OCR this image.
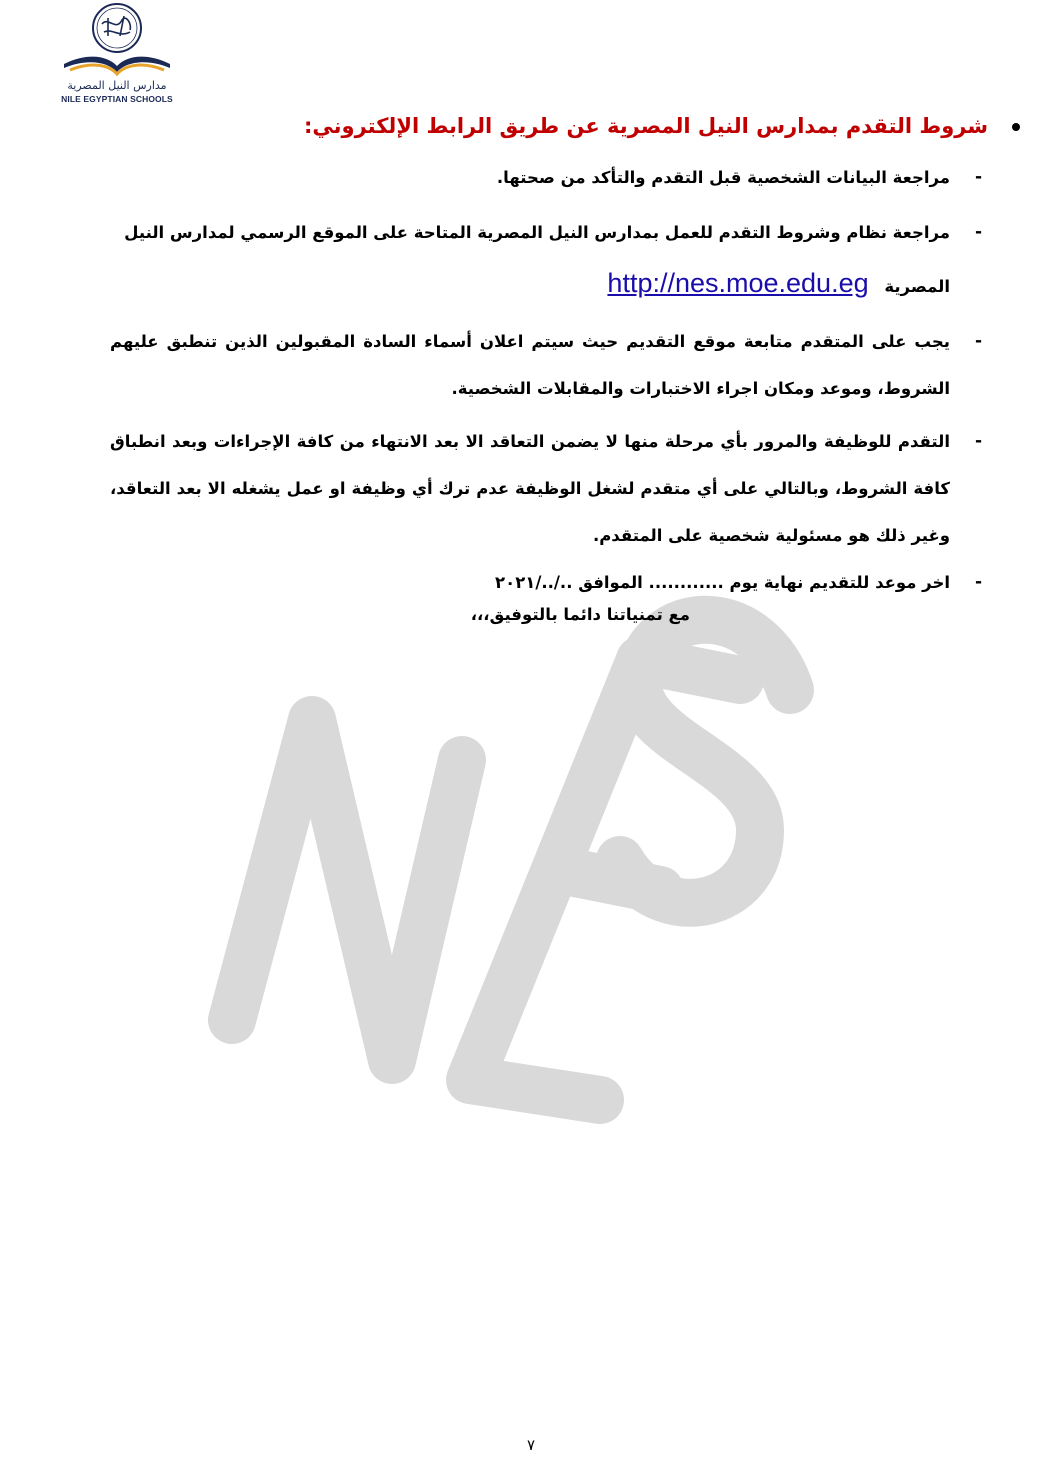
مدارس النيل المصرية
NILE EGYPTIAN SCHOOLS
شروط التقدم بمدارس النيل المصرية عن طريق الرابط الإلكتروني:
-
مراجعة البيانات الشخصية قبل التقدم والتأكد من صحتها.
-
مراجعة نظام وشروط التقدم للعمل بمدارس النيل المصرية المتاحة على الموقع الرسمي لمدارس النيل
المصرية http://nes.moe.edu.eg
-
يجب على المتقدم متابعة موقع التقديم حيث سيتم اعلان أسماء السادة المقبولين الذين تنطبق عليهم الشروط، وموعد ومكان اجراء الاختبارات والمقابلات الشخصية.
-
التقدم للوظيفة والمرور بأي مرحلة منها لا يضمن التعاقد الا بعد الانتهاء من كافة الإجراءات وبعد انطباق كافة الشروط، وبالتالي على أي متقدم لشغل الوظيفة عدم ترك أي وظيفة او عمل يشغله الا بعد التعاقد، وغير ذلك هو مسئولية شخصية على المتقدم.
-
اخر موعد للتقديم نهاية يوم ............ الموافق ../../٢٠٢١
مع تمنياتنا دائما بالتوفيق،،،
٧
